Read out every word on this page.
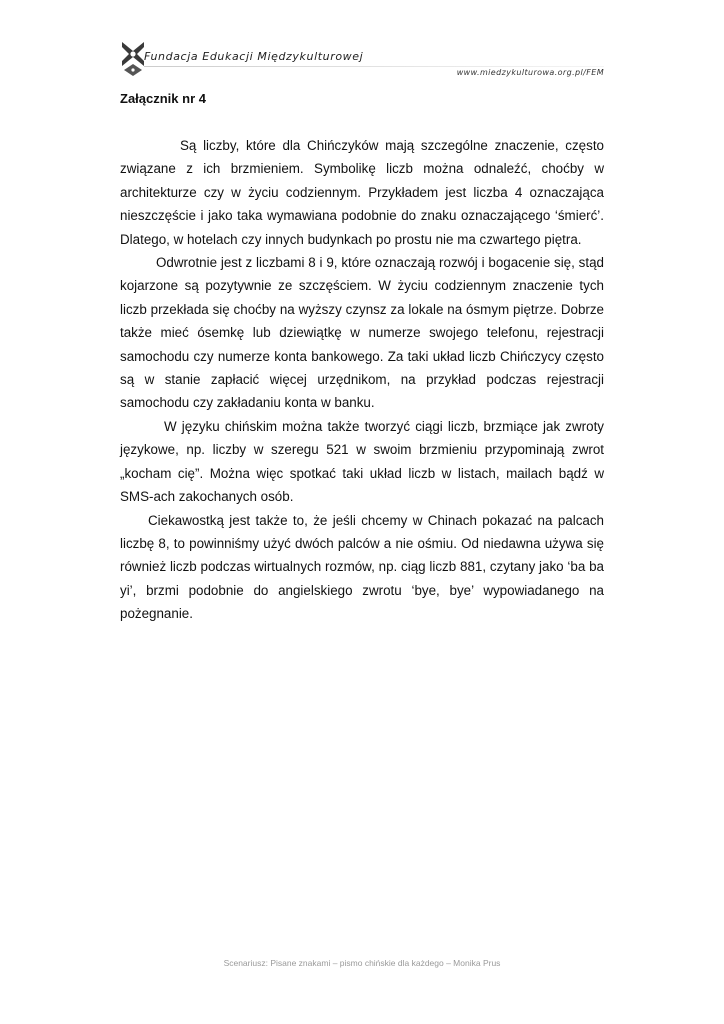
Fundacja Edukacji Międzykulturowej
www.miedzykulturowa.org.pl/FEM
Załącznik nr 4

Są liczby, które dla Chińczyków mają szczególne znaczenie, często związane z ich brzmieniem. Symbolikę liczb można odnaleźć, choćby w architekturze czy w życiu codziennym. Przykładem jest liczba 4 oznaczająca nieszczęście i jako taka wymawiana podobnie do znaku oznaczającego ‘śmierć’. Dlatego, w hotelach czy innych budynkach po prostu nie ma czwartego piętra.

Odwrotnie jest z liczbami 8 i 9, które oznaczają rozwój i bogacenie się, stąd kojarzone są pozytywnie ze szczęściem. W życiu codziennym znaczenie tych liczb przekłada się choćby na wyższy czynsz za lokale na ósmym piętrze. Dobrze także mieć ósemkę lub dziewiątkę w numerze swojego telefonu, rejestracji samochodu czy numerze konta bankowego. Za taki układ liczb Chińczycy często są w stanie zapłacić więcej urzędnikom, na przykład podczas rejestracji samochodu czy zakładaniu konta w banku.

W języku chińskim można także tworzyć ciągi liczb, brzmiące jak zwroty językowe, np. liczby w szeregu 521 w swoim brzmieniu przypominają zwrot „kocham cię”. Można więc spotkać taki układ liczb w listach, mailach bądź w SMS-ach zakochanych osób.

Ciekawostką jest także to, że jeśli chcemy w Chinach pokazać na palcach liczbę 8, to powinniśmy użyć dwóch palców a nie ośmiu. Od niedawna używa się również liczb podczas wirtualnych rozmów, np. ciąg liczb 881, czytany jako ‘ba ba yi’, brzmi podobnie do angielskiego zwrotu ‘bye, bye’ wypowiadanego na pożegnanie.

Scenariusz: Pisane znakami – pismo chińskie dla każdego – Monika Prus
